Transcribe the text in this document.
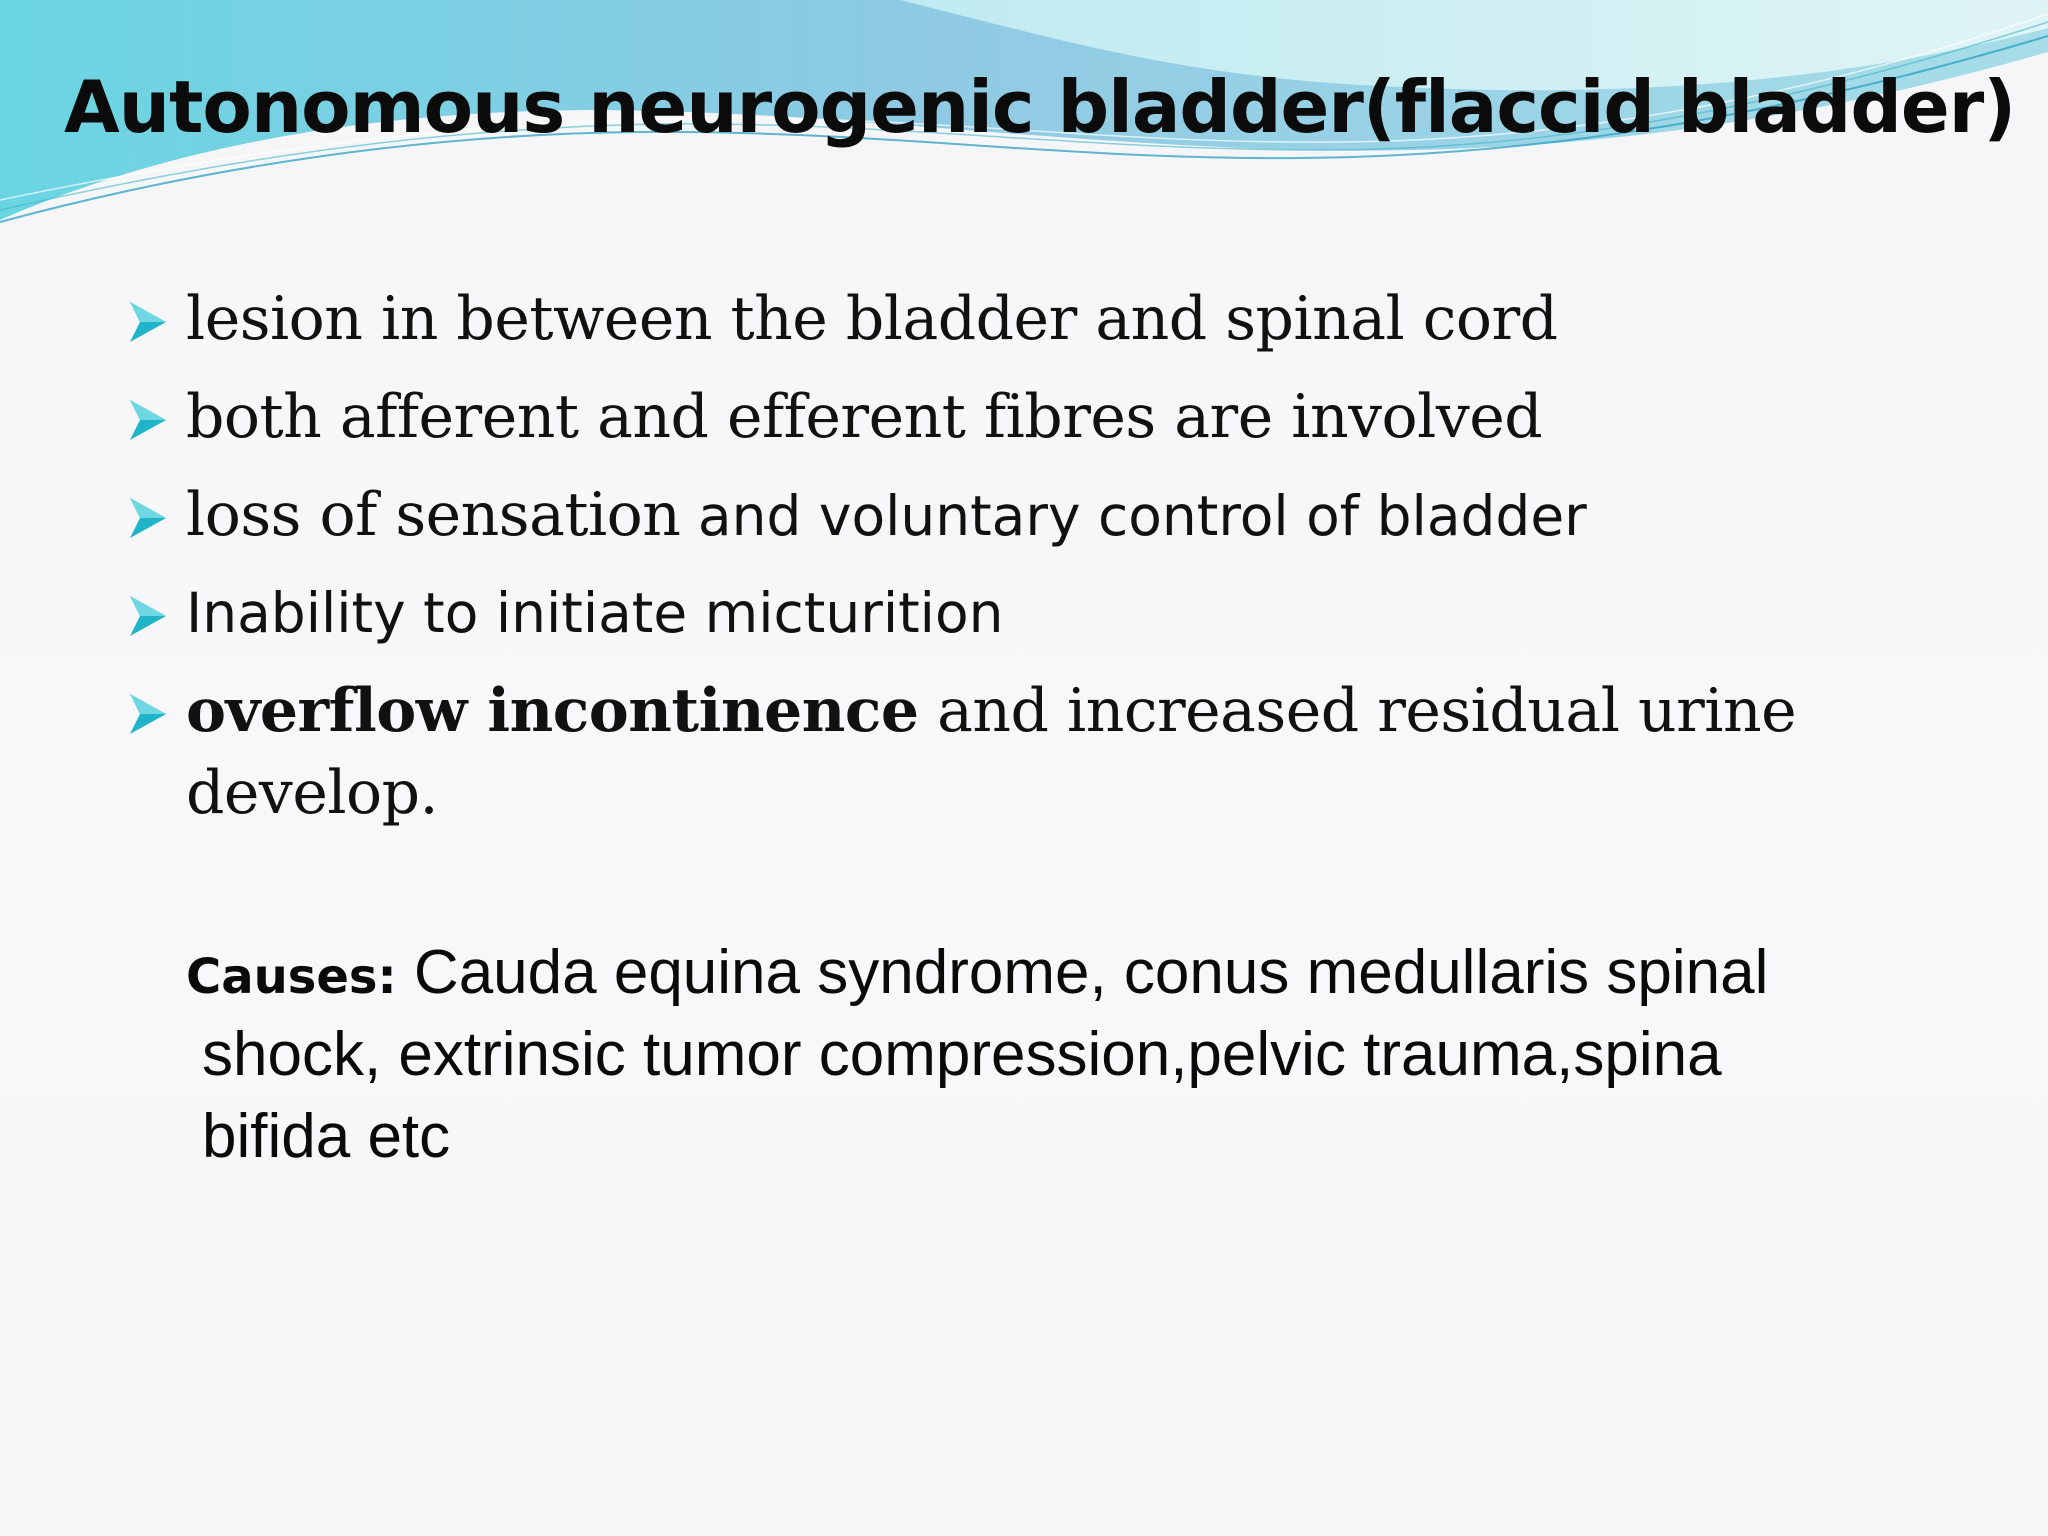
Autonomous neurogenic bladder(flaccid bladder)
lesion in between the bladder and spinal cord
both afferent and efferent fibres are involved
loss of sensation and voluntary control of bladder
Inability to initiate micturition
overflow incontinence and increased residual urine
develop.
Causes: Cauda equina syndrome, conus medullaris spinal
shock, extrinsic tumor compression,pelvic trauma,spina
bifida etc
